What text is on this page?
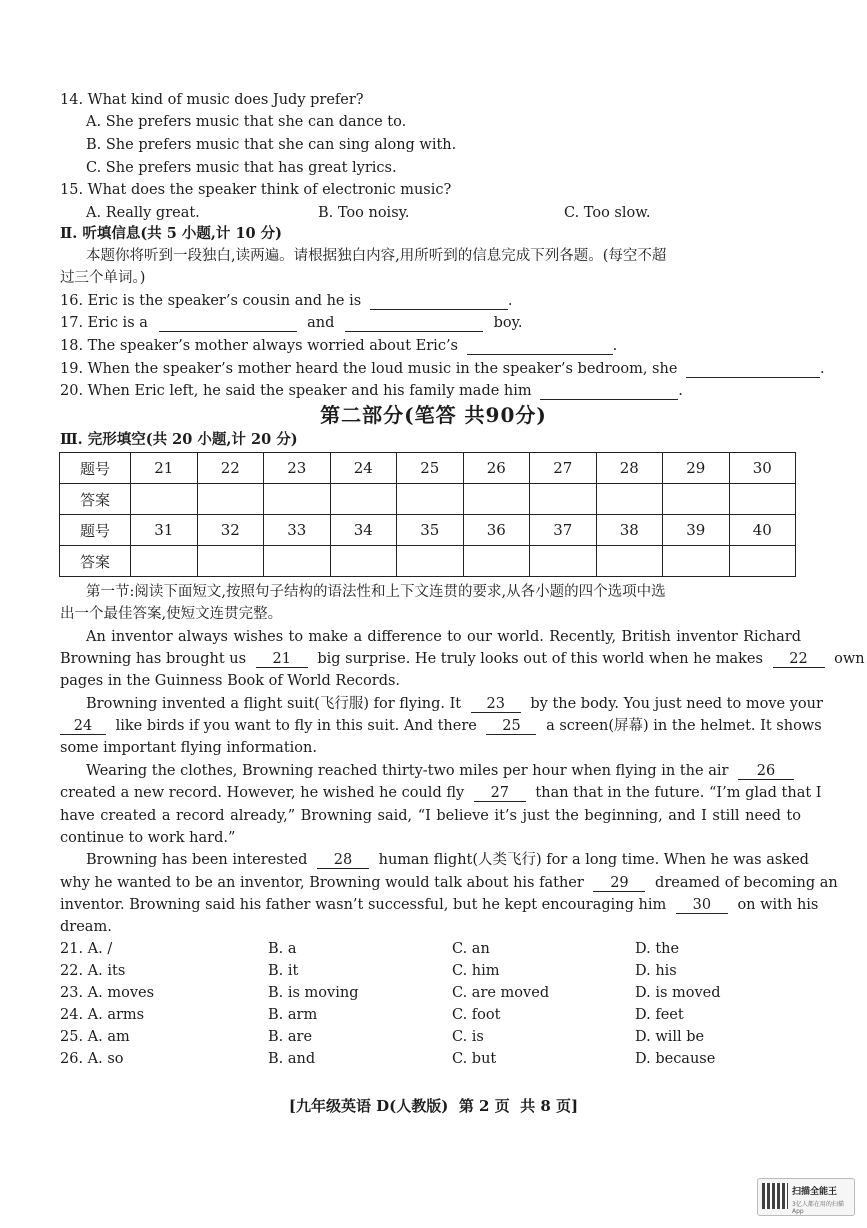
14. What kind of music does Judy prefer?
A. She prefers music that she can dance to.
B. She prefers music that she can sing along with.
C. She prefers music that has great lyrics.
15. What does the speaker think of electronic music?
A. Really great.	B. Too noisy.	C. Too slow.
Ⅱ. 听填信息(共 5 小题,计 10 分)
本题你将听到一段独白,读两遍。请根据独白内容,用所听到的信息完成下列各题。(每空不超
过三个单词。)
16. Eric is the speaker’s cousin and he is	.
17. Eric is a	and	boy.
18. The speaker’s mother always worried about Eric’s	.
19. When the speaker’s mother heard the loud music in the speaker’s bedroom, she	.
20. When Eric left, he said the speaker and his family made him	.
第二部分(笔答 共90分)
Ⅲ. 完形填空(共 20 小题,计 20 分)
题号	21	22	23	24	25	26	27	28	29	30
答案										
题号	31	32	33	34	35	36	37	38	39	40
答案										
第一节:阅读下面短文,按照句子结构的语法性和上下文连贯的要求,从各小题的四个选项中选
出一个最佳答案,使短文连贯完整。
An inventor always wishes to make a difference to our world. Recently, British inventor Richard
Browning has brought us 21 big surprise. He truly looks out of this world when he makes 22 own
pages in the Guinness Book of World Records.
Browning invented a flight suit(飞行服) for flying. It 23 by the body. You just need to move your
24 like birds if you want to fly in this suit. And there 25 a screen(屏幕) in the helmet. It shows
some important flying information.
Wearing the clothes, Browning reached thirty-two miles per hour when flying in the air 26
created a new record. However, he wished he could fly 27 than that in the future. “I’m glad that I
have created a record already,” Browning said, “I believe it’s just the beginning, and I still need to
continue to work hard.”
Browning has been interested 28 human flight(人类飞行) for a long time. When he was asked
why he wanted to be an inventor, Browning would talk about his father 29 dreamed of becoming an
inventor. Browning said his father wasn’t successful, but he kept encouraging him 30 on with his
dream.
21. A. /	B. a	C. an	D. the
22. A. its	B. it	C. him	D. his
23. A. moves	B. is moving	C. are moved	D. is moved
24. A. arms	B. arm	C. foot	D. feet
25. A. am	B. are	C. is	D. will be
26. A. so	B. and	C. but	D. because
[九年级英语 D(人教版)  第 2 页  共 8 页]
扫描全能王
3亿人都在用的扫描App
